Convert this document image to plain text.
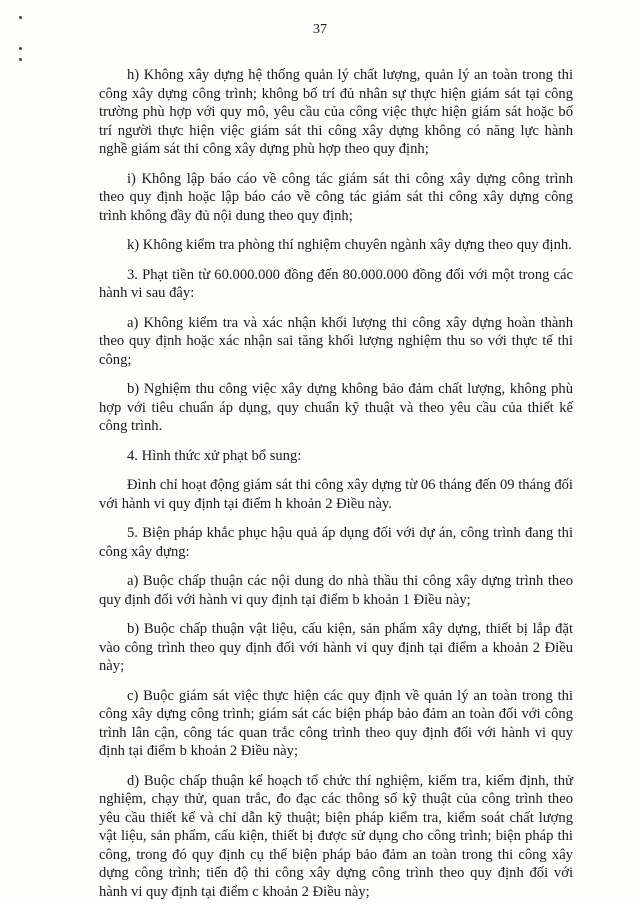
37

h) Không xây dựng hệ thống quản lý chất lượng, quản lý an toàn trong thi công xây dựng công trình; không bố trí đủ nhân sự thực hiện giám sát tại công trường phù hợp với quy mô, yêu cầu của công việc thực hiện giám sát hoặc bố trí người thực hiện việc giám sát thi công xây dựng không có năng lực hành nghề giám sát thi công xây dựng phù hợp theo quy định;

i) Không lập báo cáo về công tác giám sát thi công xây dựng công trình theo quy định hoặc lập báo cáo về công tác giám sát thi công xây dựng công trình không đầy đủ nội dung theo quy định;

k) Không kiểm tra phòng thí nghiệm chuyên ngành xây dựng theo quy định.

3. Phạt tiền từ 60.000.000 đồng đến 80.000.000 đồng đối với một trong các hành vi sau đây:

a) Không kiểm tra và xác nhận khối lượng thi công xây dựng hoàn thành theo quy định hoặc xác nhận sai tăng khối lượng nghiệm thu so với thực tế thi công;

b) Nghiệm thu công việc xây dựng không bảo đảm chất lượng, không phù hợp với tiêu chuẩn áp dụng, quy chuẩn kỹ thuật và theo yêu cầu của thiết kế công trình.

4. Hình thức xử phạt bổ sung:

Đình chỉ hoạt động giám sát thi công xây dựng từ 06 tháng đến 09 tháng đối với hành vi quy định tại điểm h khoản 2 Điều này.

5. Biện pháp khắc phục hậu quả áp dụng đối với dự án, công trình đang thi công xây dựng:

a) Buộc chấp thuận các nội dung do nhà thầu thi công xây dựng trình theo quy định đối với hành vi quy định tại điểm b khoản 1 Điều này;

b) Buộc chấp thuận vật liệu, cấu kiện, sản phẩm xây dựng, thiết bị lắp đặt vào công trình theo quy định đối với hành vi quy định tại điểm a khoản 2 Điều này;

c) Buộc giám sát việc thực hiện các quy định về quản lý an toàn trong thi công xây dựng công trình; giám sát các biện pháp bảo đảm an toàn đối với công trình lân cận, công tác quan trắc công trình theo quy định đối với hành vi quy định tại điểm b khoản 2 Điều này;

d) Buộc chấp thuận kế hoạch tổ chức thí nghiệm, kiểm tra, kiểm định, thử nghiệm, chạy thử, quan trắc, đo đạc các thông số kỹ thuật của công trình theo yêu cầu thiết kế và chỉ dẫn kỹ thuật; biện pháp kiểm tra, kiểm soát chất lượng vật liệu, sản phẩm, cấu kiện, thiết bị được sử dụng cho công trình; biện pháp thi công, trong đó quy định cụ thể biện pháp bảo đảm an toàn trong thi công xây dựng công trình; tiến độ thi công xây dựng công trình theo quy định đối với hành vi quy định tại điểm c khoản 2 Điều này;
